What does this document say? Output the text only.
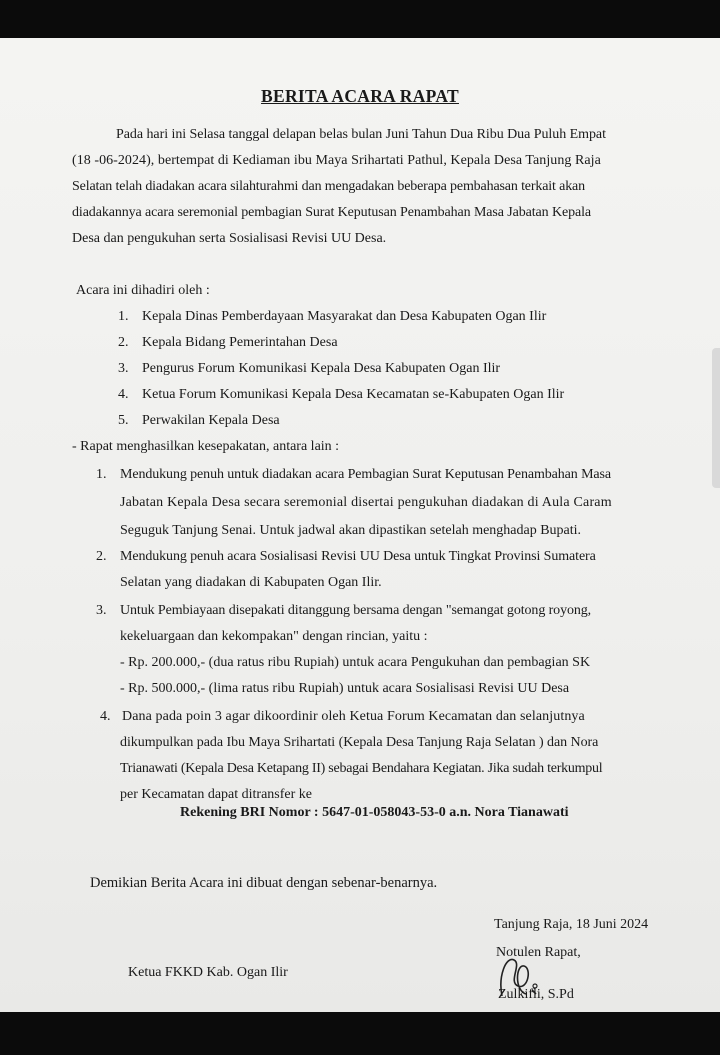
BERITA ACARA RAPAT
Pada hari ini Selasa tanggal delapan belas bulan Juni Tahun Dua Ribu Dua Puluh Empat
(18 -06-2024), bertempat di Kediaman ibu Maya Srihartati Pathul, Kepala Desa Tanjung Raja
Selatan telah diadakan acara silahturahmi dan mengadakan beberapa pembahasan terkait akan
diadakannya acara seremonial pembagian Surat Keputusan Penambahan Masa Jabatan Kepala
Desa dan pengukuhan serta Sosialisasi Revisi UU Desa.
Acara ini dihadiri oleh :
1. Kepala Dinas Pemberdayaan Masyarakat dan Desa Kabupaten Ogan Ilir
2. Kepala Bidang Pemerintahan Desa
3. Pengurus Forum Komunikasi Kepala Desa Kabupaten Ogan Ilir
4. Ketua Forum Komunikasi Kepala Desa Kecamatan se-Kabupaten Ogan Ilir
5. Perwakilan Kepala Desa
- Rapat menghasilkan kesepakatan, antara lain :
1. Mendukung penuh untuk diadakan acara Pembagian Surat Keputusan Penambahan Masa
Jabatan Kepala Desa secara seremonial disertai pengukuhan diadakan di Aula Caram
Seguguk Tanjung Senai. Untuk jadwal akan dipastikan setelah menghadap Bupati.
2. Mendukung penuh acara Sosialisasi Revisi UU Desa untuk Tingkat Provinsi Sumatera
Selatan yang diadakan di Kabupaten Ogan Ilir.
3. Untuk Pembiayaan disepakati ditanggung bersama dengan "semangat gotong royong,
kekeluargaan dan kekompakan" dengan rincian, yaitu :
- Rp. 200.000,- (dua ratus ribu Rupiah) untuk acara Pengukuhan dan pembagian SK
- Rp. 500.000,- (lima ratus ribu Rupiah) untuk acara Sosialisasi Revisi UU Desa
4. Dana pada poin 3 agar dikoordinir oleh Ketua Forum Kecamatan dan selanjutnya
dikumpulkan pada Ibu Maya Srihartati (Kepala Desa Tanjung Raja Selatan ) dan Nora
Trianawati (Kepala Desa Ketapang II) sebagai Bendahara Kegiatan. Jika sudah terkumpul
per Kecamatan dapat ditransfer ke
Rekening BRI Nomor : 5647-01-058043-53-0 a.n. Nora Tianawati
Demikian Berita Acara ini dibuat dengan sebenar-benarnya.
Tanjung Raja, 18 Juni 2024
Notulen Rapat,
Zulkifli, S.Pd
Ketua FKKD Kab. Ogan Ilir
